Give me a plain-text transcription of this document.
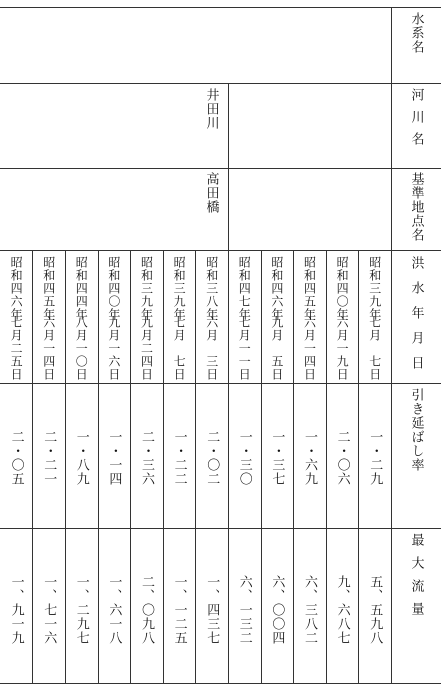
水系名
河川名
基準地点名
洪水年月日
引き延ばし率
最大流量
井田川
高田橋
昭和三九年
七月　七日
一・二九
五、五九八
昭和四〇年
六月一九日
二・〇六
九、六八七
昭和四五年
六月一四日
一・六九
六、三八二
昭和四六年
九月　五日
一・三七
六、〇〇四
昭和四七年
七月一一日
一・三〇
六、一三二
昭和三八年
六月　三日
二・〇二
一、四三七
昭和三九年
七月　七日
一・二二
一、一二五
昭和三九年
九月二四日
二・三六
二、〇九八
昭和四〇年
九月一六日
一・一四
一、六一八
昭和四四年
八月一〇日
一・八九
一、二九七
昭和四五年
六月一四日
二・二一
一、七一六
昭和四六年
七月二五日
二・〇五
一、九一九
